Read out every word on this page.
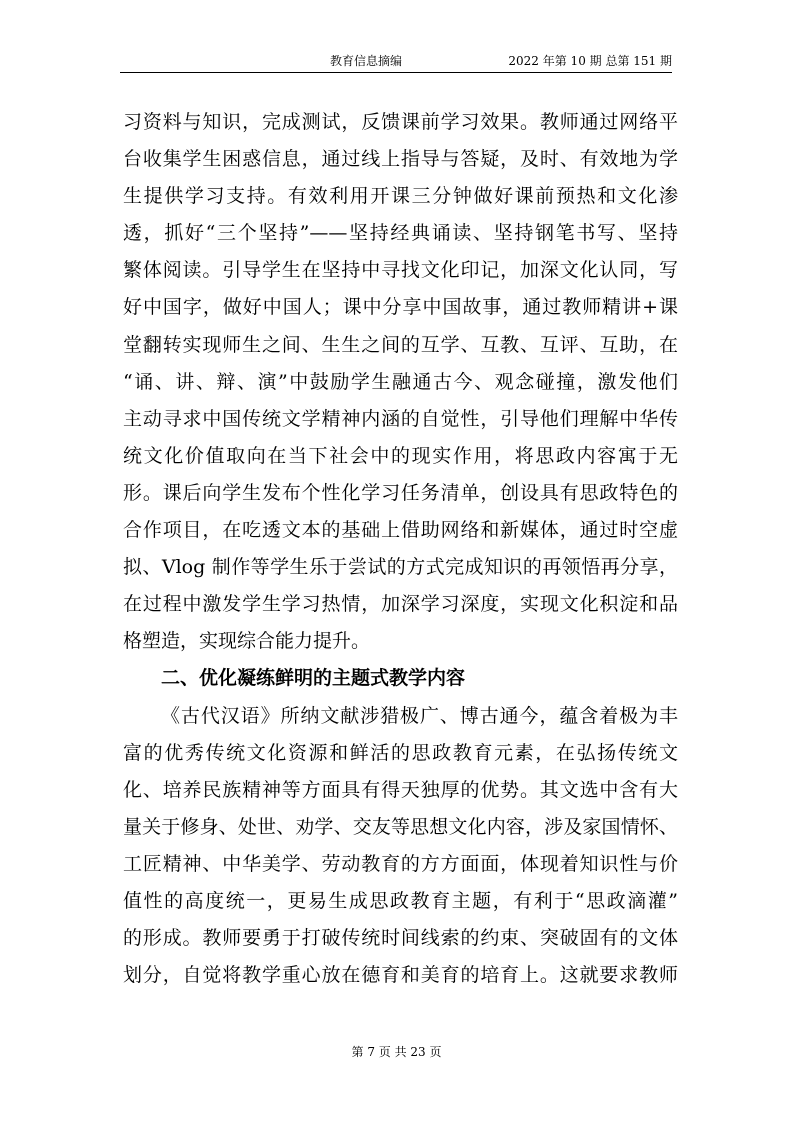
教育信息摘编	2022 年第 10 期 总第 151 期
习资料与知识，完成测试，反馈课前学习效果。教师通过网络平
台收集学生困惑信息，通过线上指导与答疑，及时、有效地为学
生提供学习支持。有效利用开课三分钟做好课前预热和文化渗
透，抓好“三个坚持”——坚持经典诵读、坚持钢笔书写、坚持
繁体阅读。引导学生在坚持中寻找文化印记，加深文化认同，写
好中国字，做好中国人；课中分享中国故事，通过教师精讲+课
堂翻转实现师生之间、生生之间的互学、互教、互评、互助，在
“诵、讲、辩、演”中鼓励学生融通古今、观念碰撞，激发他们
主动寻求中国传统文学精神内涵的自觉性，引导他们理解中华传
统文化价值取向在当下社会中的现实作用，将思政内容寓于无
形。课后向学生发布个性化学习任务清单，创设具有思政特色的
合作项目，在吃透文本的基础上借助网络和新媒体，通过时空虚
拟、Vlog 制作等学生乐于尝试的方式完成知识的再领悟再分享，
在过程中激发学生学习热情，加深学习深度，实现文化积淀和品
格塑造，实现综合能力提升。
二、优化凝练鲜明的主题式教学内容
《古代汉语》所纳文献涉猎极广、博古通今，蕴含着极为丰
富的优秀传统文化资源和鲜活的思政教育元素，在弘扬传统文
化、培养民族精神等方面具有得天独厚的优势。其文选中含有大
量关于修身、处世、劝学、交友等思想文化内容，涉及家国情怀、
工匠精神、中华美学、劳动教育的方方面面，体现着知识性与价
值性的高度统一，更易生成思政教育主题，有利于“思政滴灌”
的形成。教师要勇于打破传统时间线索的约束、突破固有的文体
划分，自觉将教学重心放在德育和美育的培育上。这就要求教师
第 7 页 共 23 页
